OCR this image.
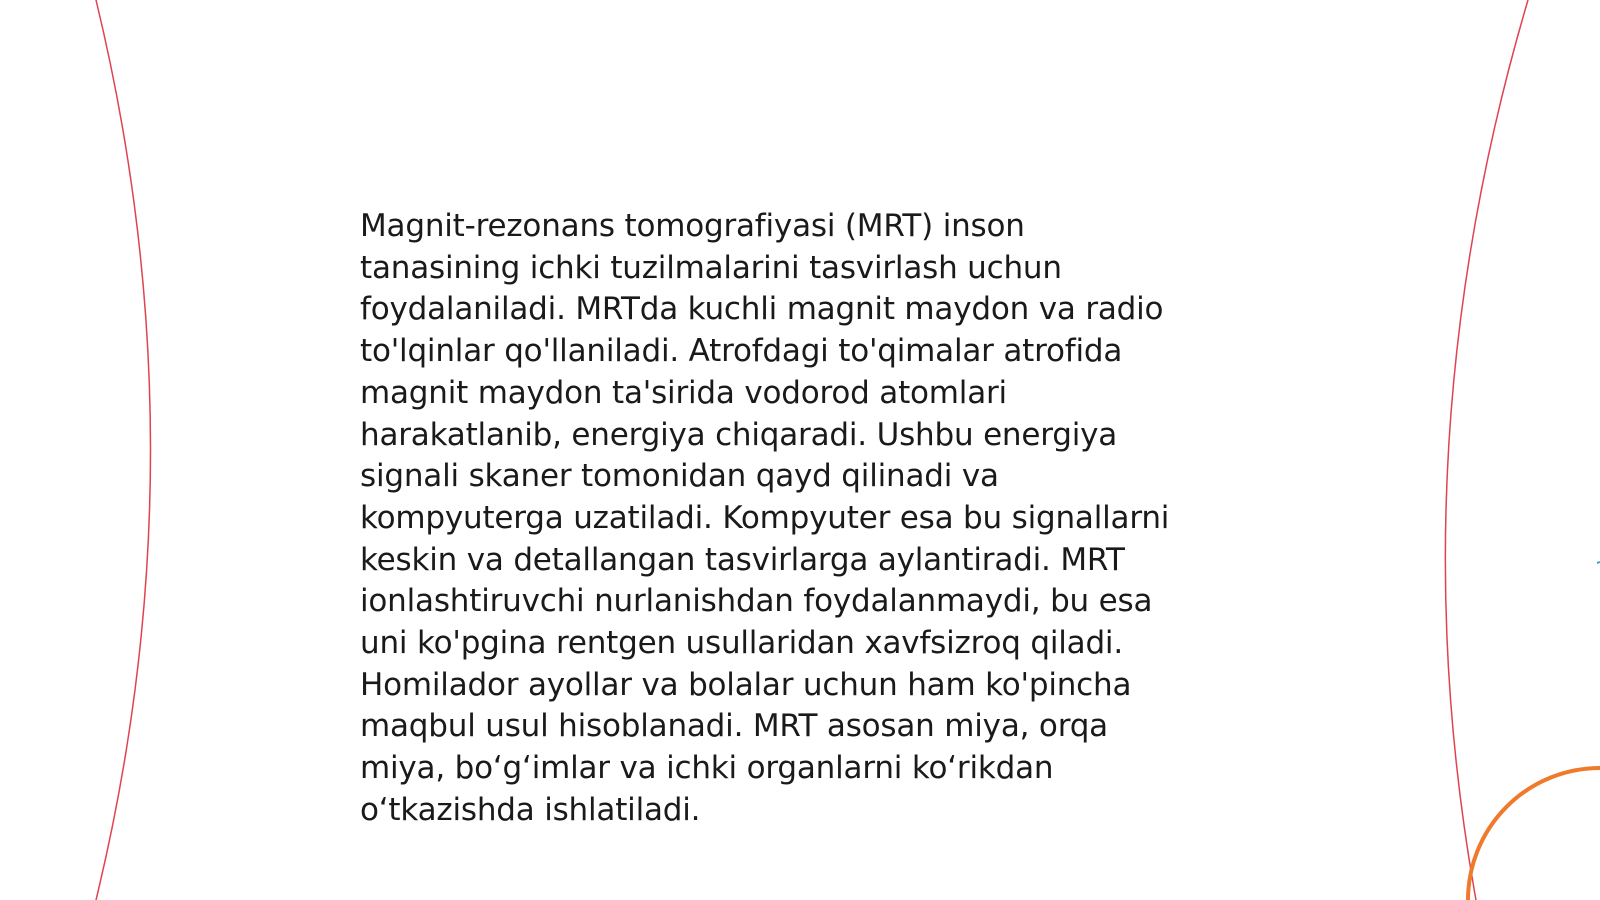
Magnit-rezonans tomografiyasi (MRT) inson
tanasining ichki tuzilmalarini tasvirlash uchun
foydalaniladi. MRTda kuchli magnit maydon va radio
to'lqinlar qo'llaniladi. Atrofdagi to'qimalar atrofida
magnit maydon ta'sirida vodorod atomlari
harakatlanib, energiya chiqaradi. Ushbu energiya
signali skaner tomonidan qayd qilinadi va
kompyuterga uzatiladi. Kompyuter esa bu signallarni
keskin va detallangan tasvirlarga aylantiradi. MRT
ionlashtiruvchi nurlanishdan foydalanmaydi, bu esa
uni ko'pgina rentgen usullaridan xavfsizroq qiladi.
Homilador ayollar va bolalar uchun ham ko'pincha
maqbul usul hisoblanadi. MRT asosan miya, orqa
miya, bo‘g‘imlar va ichki organlarni ko‘rikdan
o‘tkazishda ishlatiladi.
